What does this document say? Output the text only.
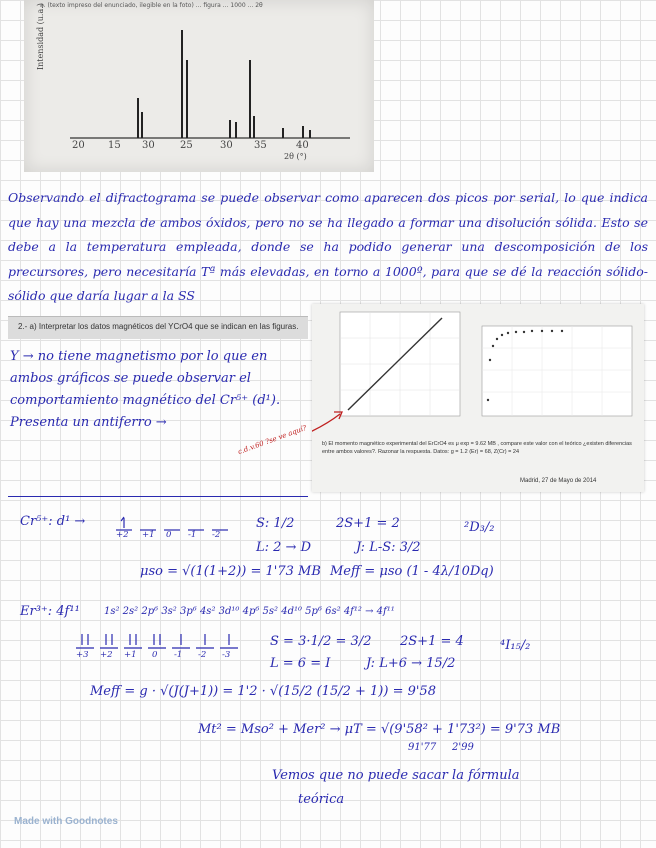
a. (texto impreso del enunciado, ilegible en la foto) ... figura ... 1000 ... 2θ
Intensidad (u.a.)
20 15 30	25	30 35	40
2θ (°)
Observando el difractograma se puede observar como aparecen dos picos por serial, lo que indica que hay una mezcla de ambos óxidos, pero no se ha llegado a formar una disolución sólida. Esto se debe a la temperatura empleada, donde se ha podido generar una descomposición de los precursores, pero necesitaría Tª más elevadas, en torno a 1000º, para que se dé la reacción sólido-sólido que daría lugar a la SS
2.- a) Interpretar los datos magnéticos del YCrO4 que se indican en las figuras.
Y → no tiene magnetismo por lo que en ambos gráficos se puede observar el comportamiento magnético del Cr⁵⁺ (d¹). Presenta un antiferro →
b) El momento magnético experimental del ErCrO4 es μ exp = 9.62 MB , compare este valor con el teórico ¿existen diferencias entre ambos valores?. Razonar la respuesta. Datos: g = 1.2 (Er) = 68, Z(Cr) = 24
Madrid, 27 de Mayo de 2014
c.d.v.60 ?se ve aquí?
Cr⁵⁺: d¹ →
+2 +1 0 -1 -2
S: 1/2	2S+1 = 2	²D₃/₂
L: 2 → D	J: L-S: 3/2
μso = √(1(1+2)) = 1'73 MB Meff = μso (1 - 4λ/10Dq)
Er³⁺: 4f¹¹ 1s² 2s² 2p⁶ 3s² 3p⁶ 4s² 3d¹⁰ 4p⁶ 5s² 4d¹⁰ 5p⁶ 6s² 4f¹² → 4f¹¹
+3 +2 +1 0 -1 -2 -3
S = 3·1/2 = 3/2 2S+1 = 4	⁴I₁₅/₂
L = 6 = I	J: L+6 → 15/2
Meff = g · √(J(J+1)) = 1'2 · √(15/2 (15/2 + 1)) = 9'58
Mt² = Mso² + Mer² → μT = √(9'58² + 1'73²) = 9'73 MB
91'77 2'99
Vemos que no puede sacar la fórmula
teórica
Made with Goodnotes
